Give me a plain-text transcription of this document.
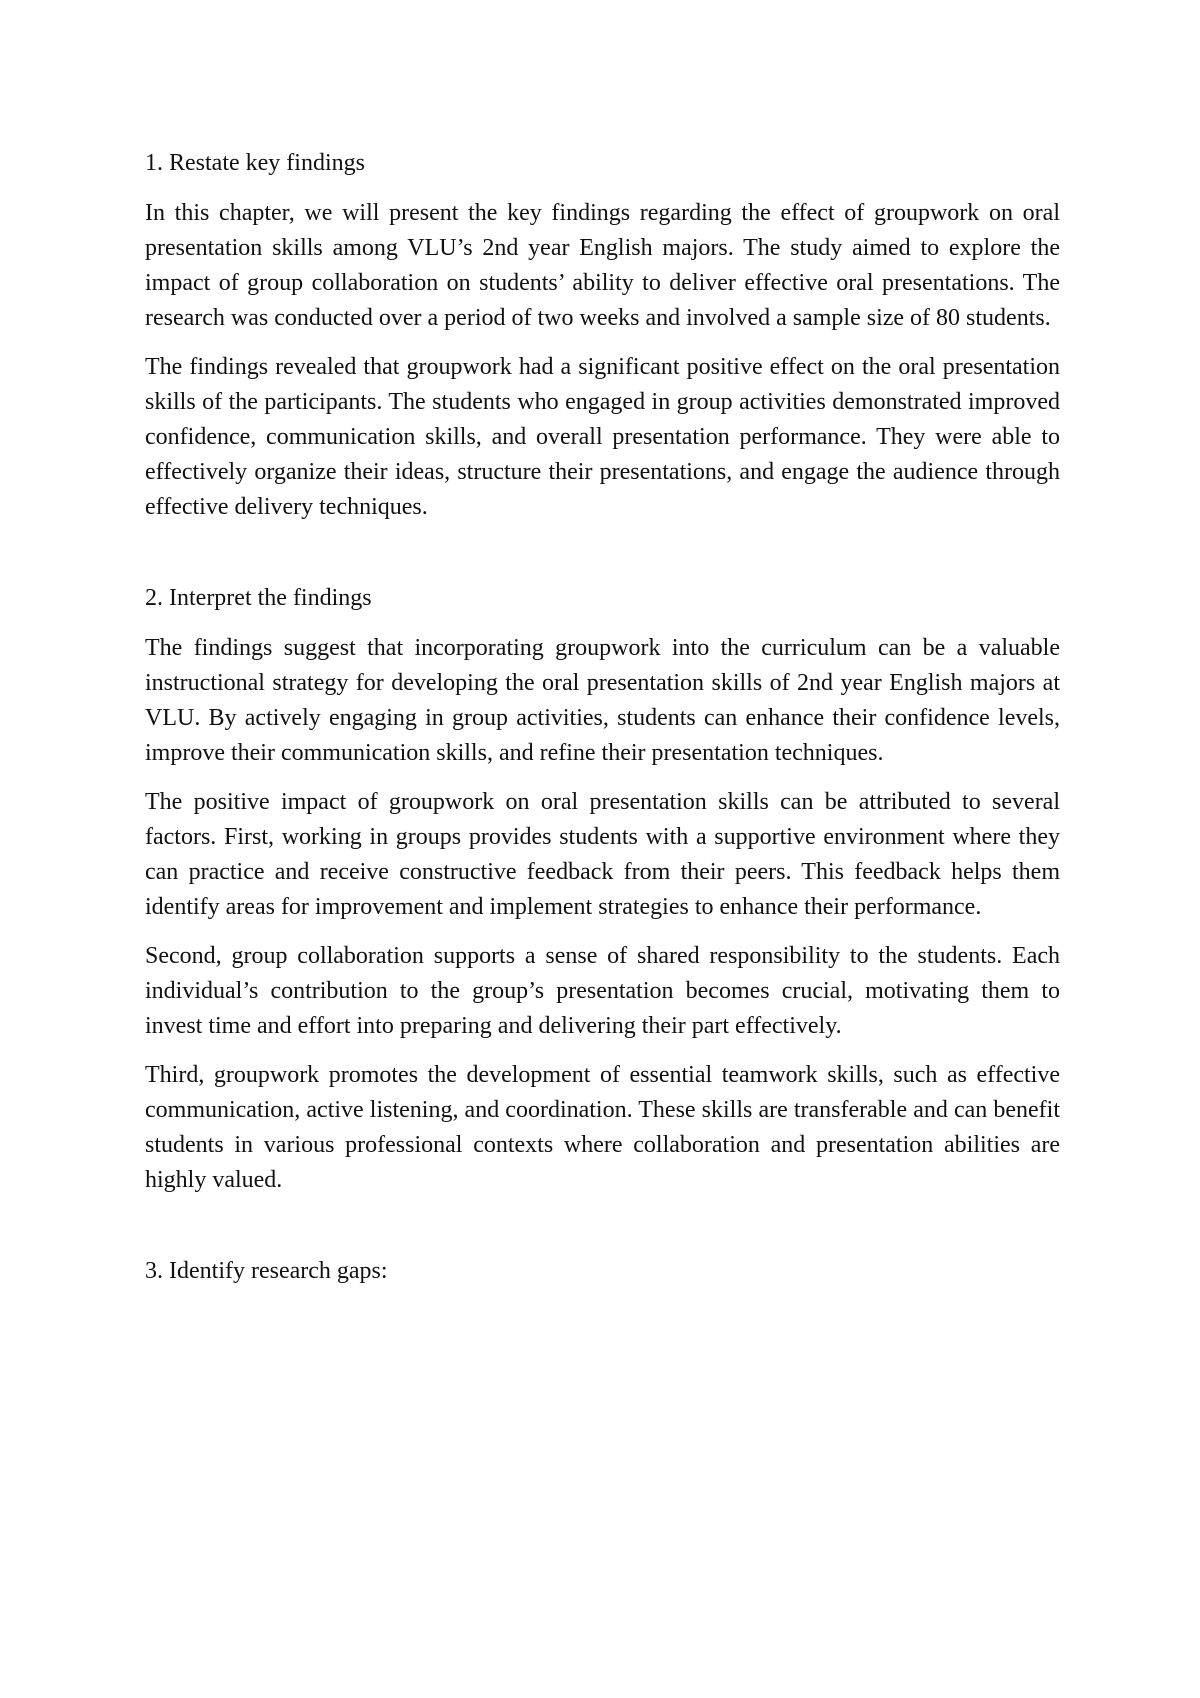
1. Restate key findings

In this chapter, we will present the key findings regarding the effect of groupwork on oral presentation skills among VLU’s 2nd year English majors. The study aimed to explore the impact of group collaboration on students’ ability to deliver effective oral presentations. The research was conducted over a period of two weeks and involved a sample size of 80 students.

The findings revealed that groupwork had a significant positive effect on the oral presentation skills of the participants. The students who engaged in group activities demonstrated improved confidence, communication skills, and overall presentation performance. They were able to effectively organize their ideas, structure their presentations, and engage the audience through effective delivery techniques.

2. Interpret the findings

The findings suggest that incorporating groupwork into the curriculum can be a valuable instructional strategy for developing the oral presentation skills of 2nd year English majors at VLU. By actively engaging in group activities, students can enhance their confidence levels, improve their communication skills, and refine their presentation techniques.

The positive impact of groupwork on oral presentation skills can be attributed to several factors. First, working in groups provides students with a supportive environment where they can practice and receive constructive feedback from their peers. This feedback helps them identify areas for improvement and implement strategies to enhance their performance.

Second, group collaboration supports a sense of shared responsibility to the students. Each individual’s contribution to the group’s presentation becomes crucial, motivating them to invest time and effort into preparing and delivering their part effectively.

Third, groupwork promotes the development of essential teamwork skills, such as effective communication, active listening, and coordination. These skills are transferable and can benefit students in various professional contexts where collaboration and presentation abilities are highly valued.

3. Identify research gaps:
